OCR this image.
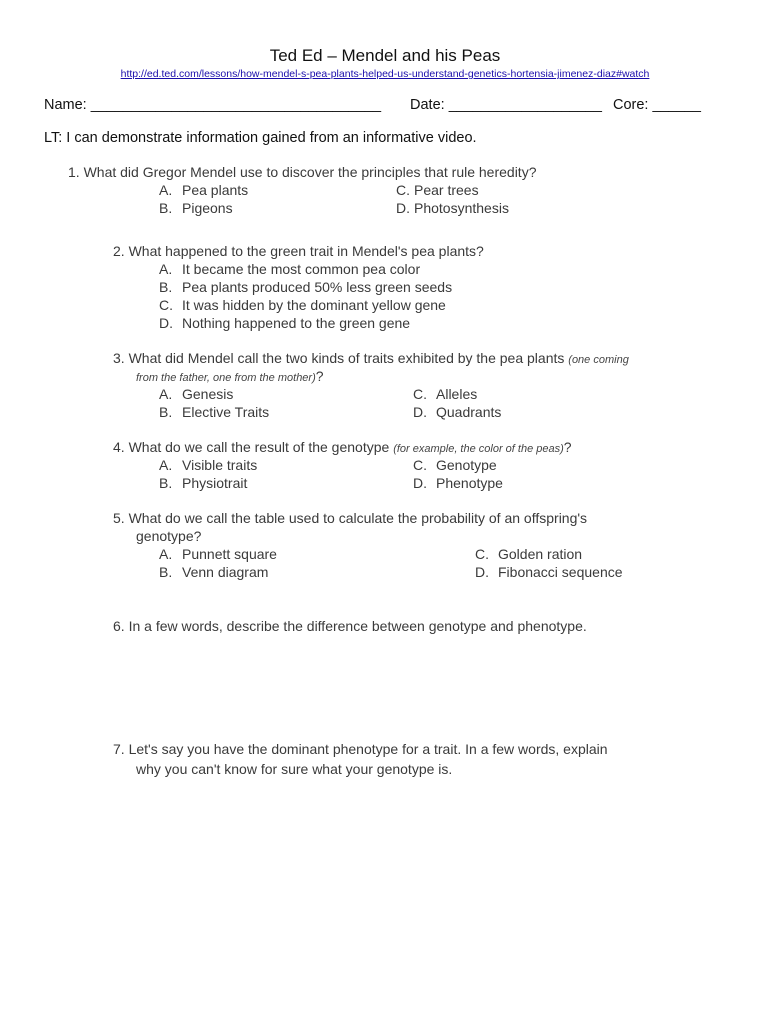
Ted Ed – Mendel and his Peas
http://ed.ted.com/lessons/how-mendel-s-pea-plants-helped-us-understand-genetics-hortensia-jimenez-diaz#watch
Name: ____________________________________ Date: ___________________ Core: ______
LT: I can demonstrate information gained from an informative video.
1. What did Gregor Mendel use to discover the principles that rule heredity?
A. Pea plants
B. Pigeons
C. Pear trees
D. Photosynthesis
2. What happened to the green trait in Mendel's pea plants?
A. It became the most common pea color
B. Pea plants produced 50% less green seeds
C. It was hidden by the dominant yellow gene
D. Nothing happened to the green gene
3. What did Mendel call the two kinds of traits exhibited by the pea plants (one coming
from the father, one from the mother)?
A. Genesis
B. Elective Traits
C. Alleles
D. Quadrants
4. What do we call the result of the genotype (for example, the color of the peas)?
A. Visible traits
B. Physiotrait
C. Genotype
D. Phenotype
5. What do we call the table used to calculate the probability of an offspring's
genotype?
A. Punnett square
B. Venn diagram
C. Golden ration
D. Fibonacci sequence
6. In a few words, describe the difference between genotype and phenotype.
7. Let's say you have the dominant phenotype for a trait. In a few words, explain
why you can't know for sure what your genotype is.
